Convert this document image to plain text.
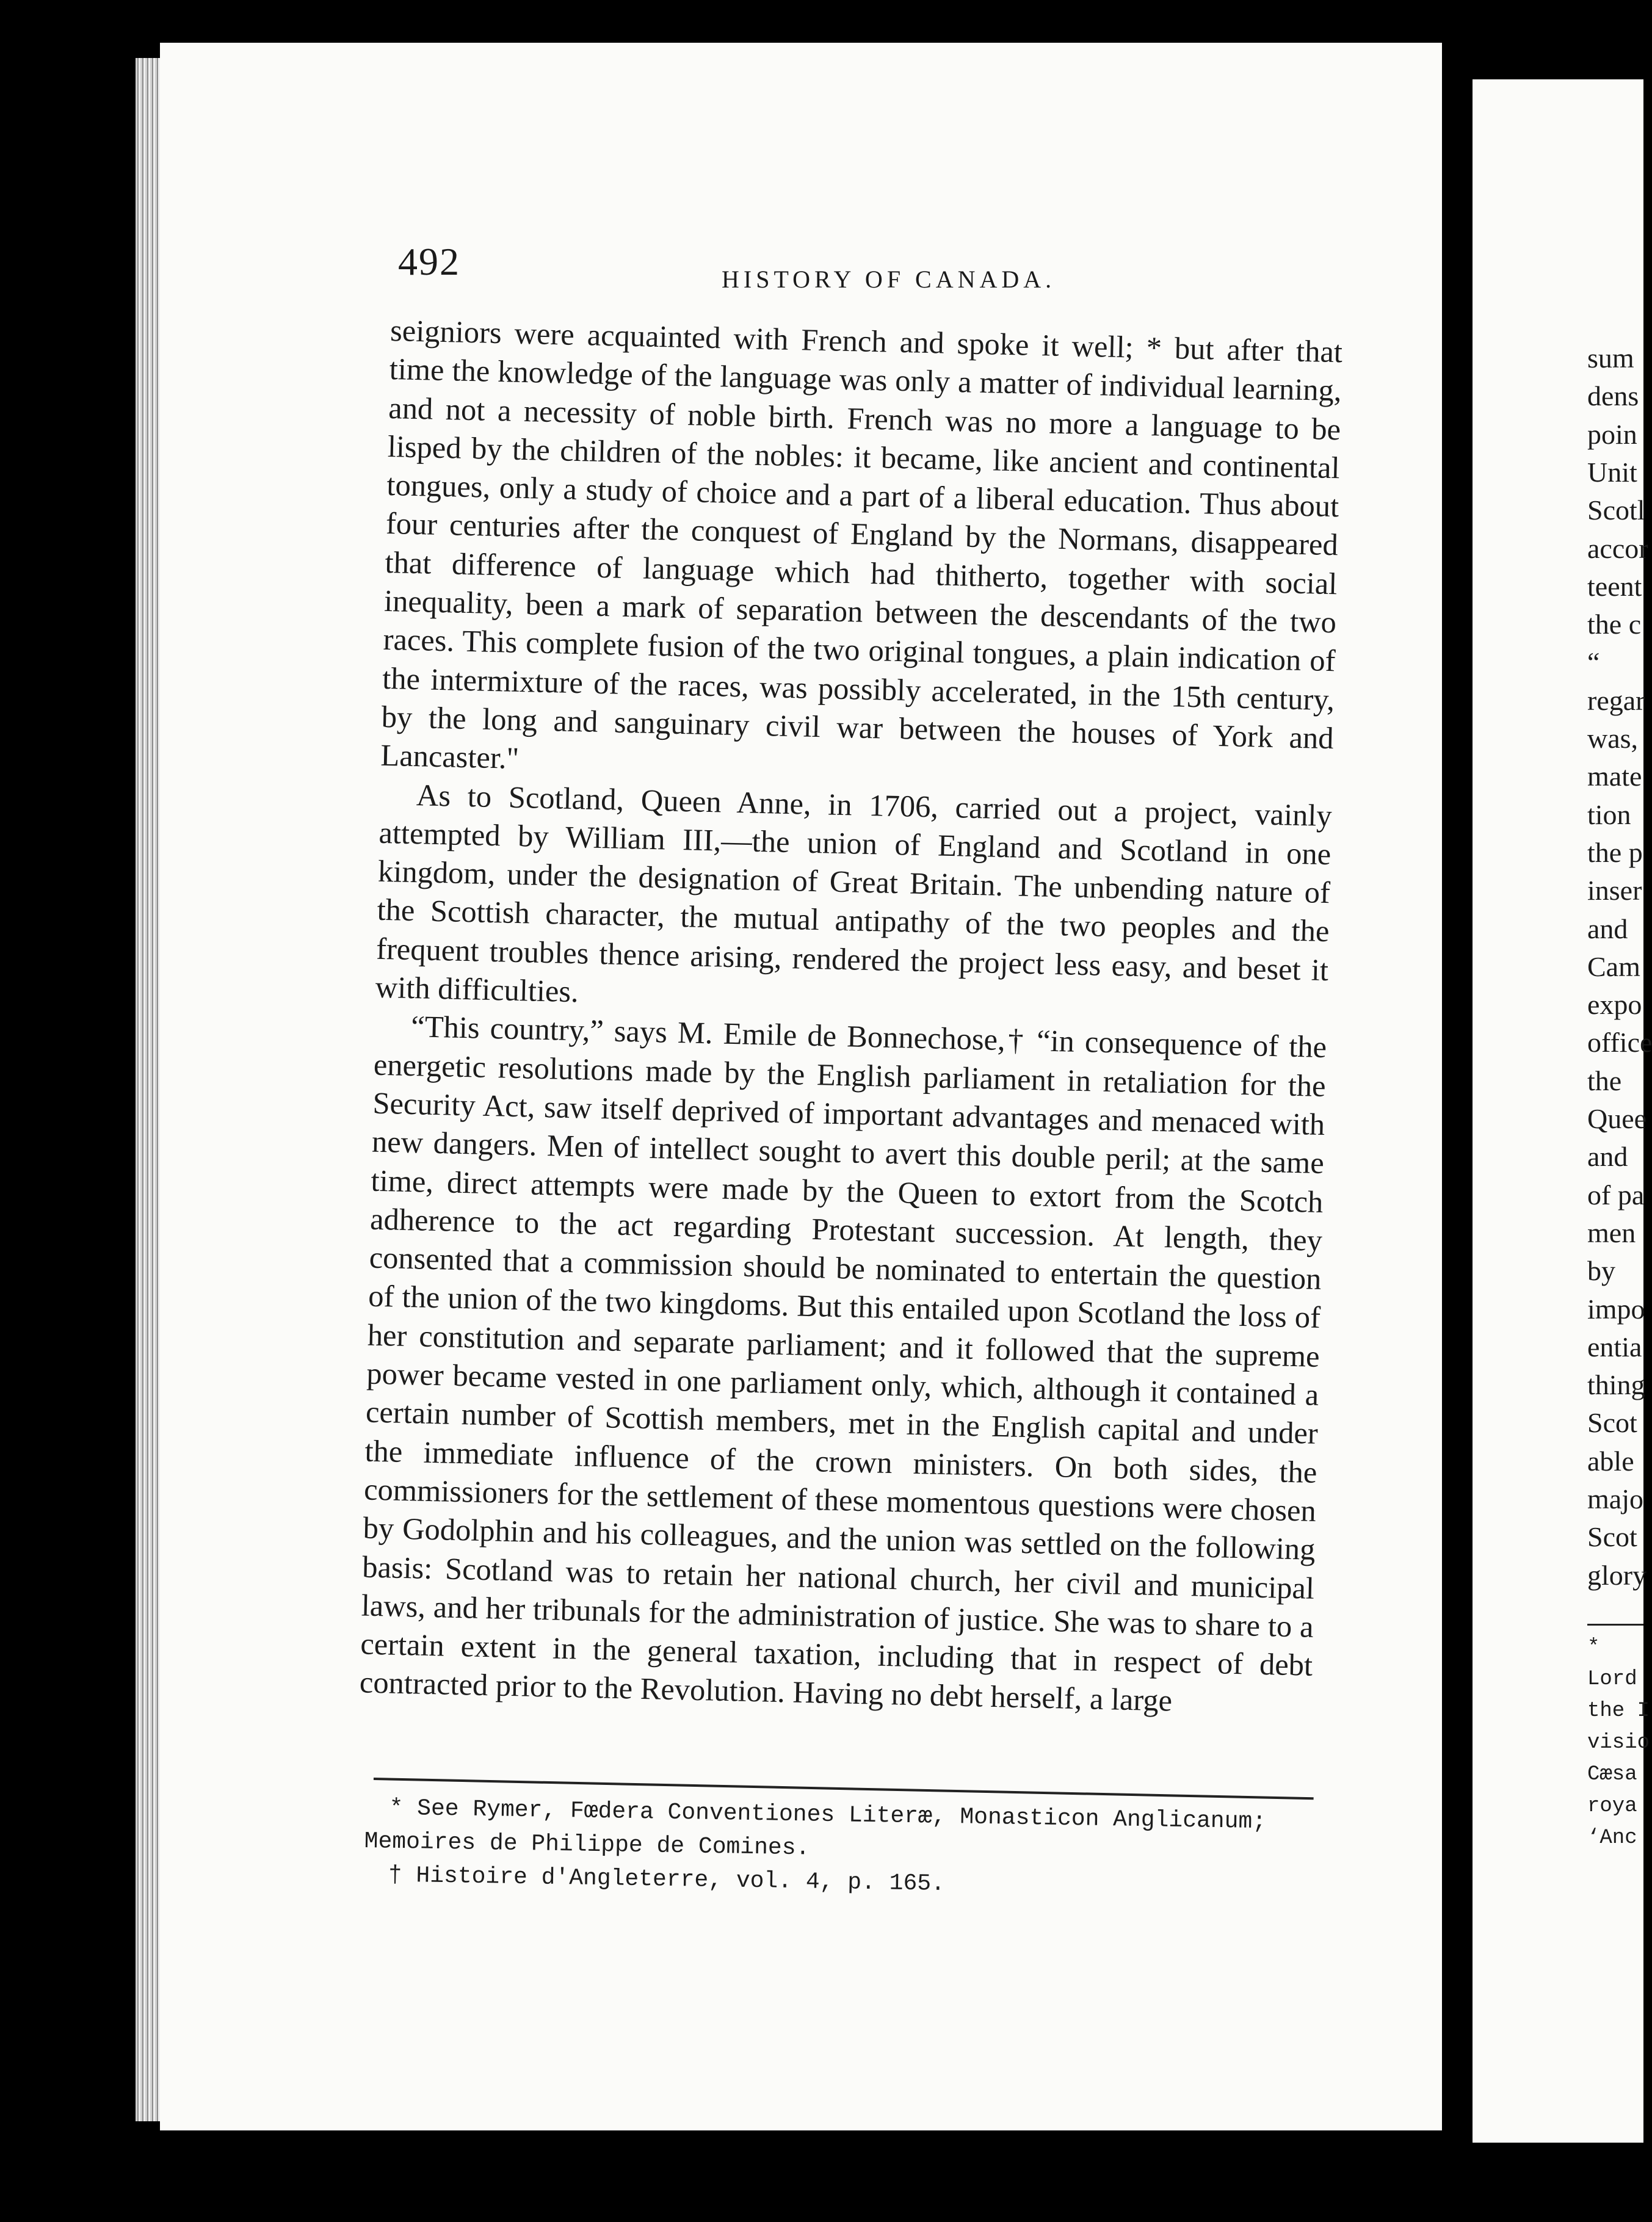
492	HISTORY OF CANADA.

seigniors were acquainted with French and spoke it well; * but after that time the knowledge of the language was only a matter of individual learning, and not a necessity of noble birth. French was no more a language to be lisped by the children of the nobles: it became, like ancient and continental tongues, only a study of choice and a part of a liberal education. Thus about four centuries after the conquest of England by the Normans, disappeared that difference of language which had thitherto, together with social inequality, been a mark of separation between the descendants of the two races. This complete fusion of the two original tongues, a plain indication of the intermixture of the races, was possibly accelerated, in the 15th century, by the long and sanguinary civil war between the houses of York and Lancaster."

As to Scotland, Queen Anne, in 1706, carried out a project, vainly attempted by William III,—the union of England and Scotland in one kingdom, under the designation of Great Britain. The unbending nature of the Scottish character, the mutual antipathy of the two peoples and the frequent troubles thence arising, rendered the project less easy, and beset it with difficulties.

“This country,” says M. Emile de Bonnechose,† “in consequence of the energetic resolutions made by the English parliament in retaliation for the Security Act, saw itself deprived of important advantages and menaced with new dangers. Men of intellect sought to avert this double peril; at the same time, direct attempts were made by the Queen to extort from the Scotch adherence to the act regarding Protestant succession. At length, they consented that a commission should be nominated to entertain the question of the union of the two kingdoms. But this entailed upon Scotland the loss of her constitution and separate parliament; and it followed that the supreme power became vested in one parliament only, which, although it contained a certain number of Scottish members, met in the English capital and under the immediate influence of the crown ministers. On both sides, the commissioners for the settlement of these momentous questions were chosen by Godolphin and his colleagues, and the union was settled on the following basis: Scotland was to retain her national church, her civil and municipal laws, and her tribunals for the administration of justice. She was to share to a certain extent in the general taxation, including that in respect of debt contracted prior to the Revolution. Having no debt herself, a large

* See Rymer, Fœdera Conventiones Literæ, Monasticon Anglicanum; Memoires de Philippe de Comines.

† Histoire d'Angleterre, vol. 4, p. 165.

sum
dens
poin
Unit
Scotl
accor
teent
the c
“
regar
was,
mate
tion
the p
inser
and
Cam
expo
office
the
Quee
and
of pa
men
by
impo
entia
thing
Scot
able
majo
Scot
glory
*
Lord
the I
visio
Cæsa
roya
‘Anc
